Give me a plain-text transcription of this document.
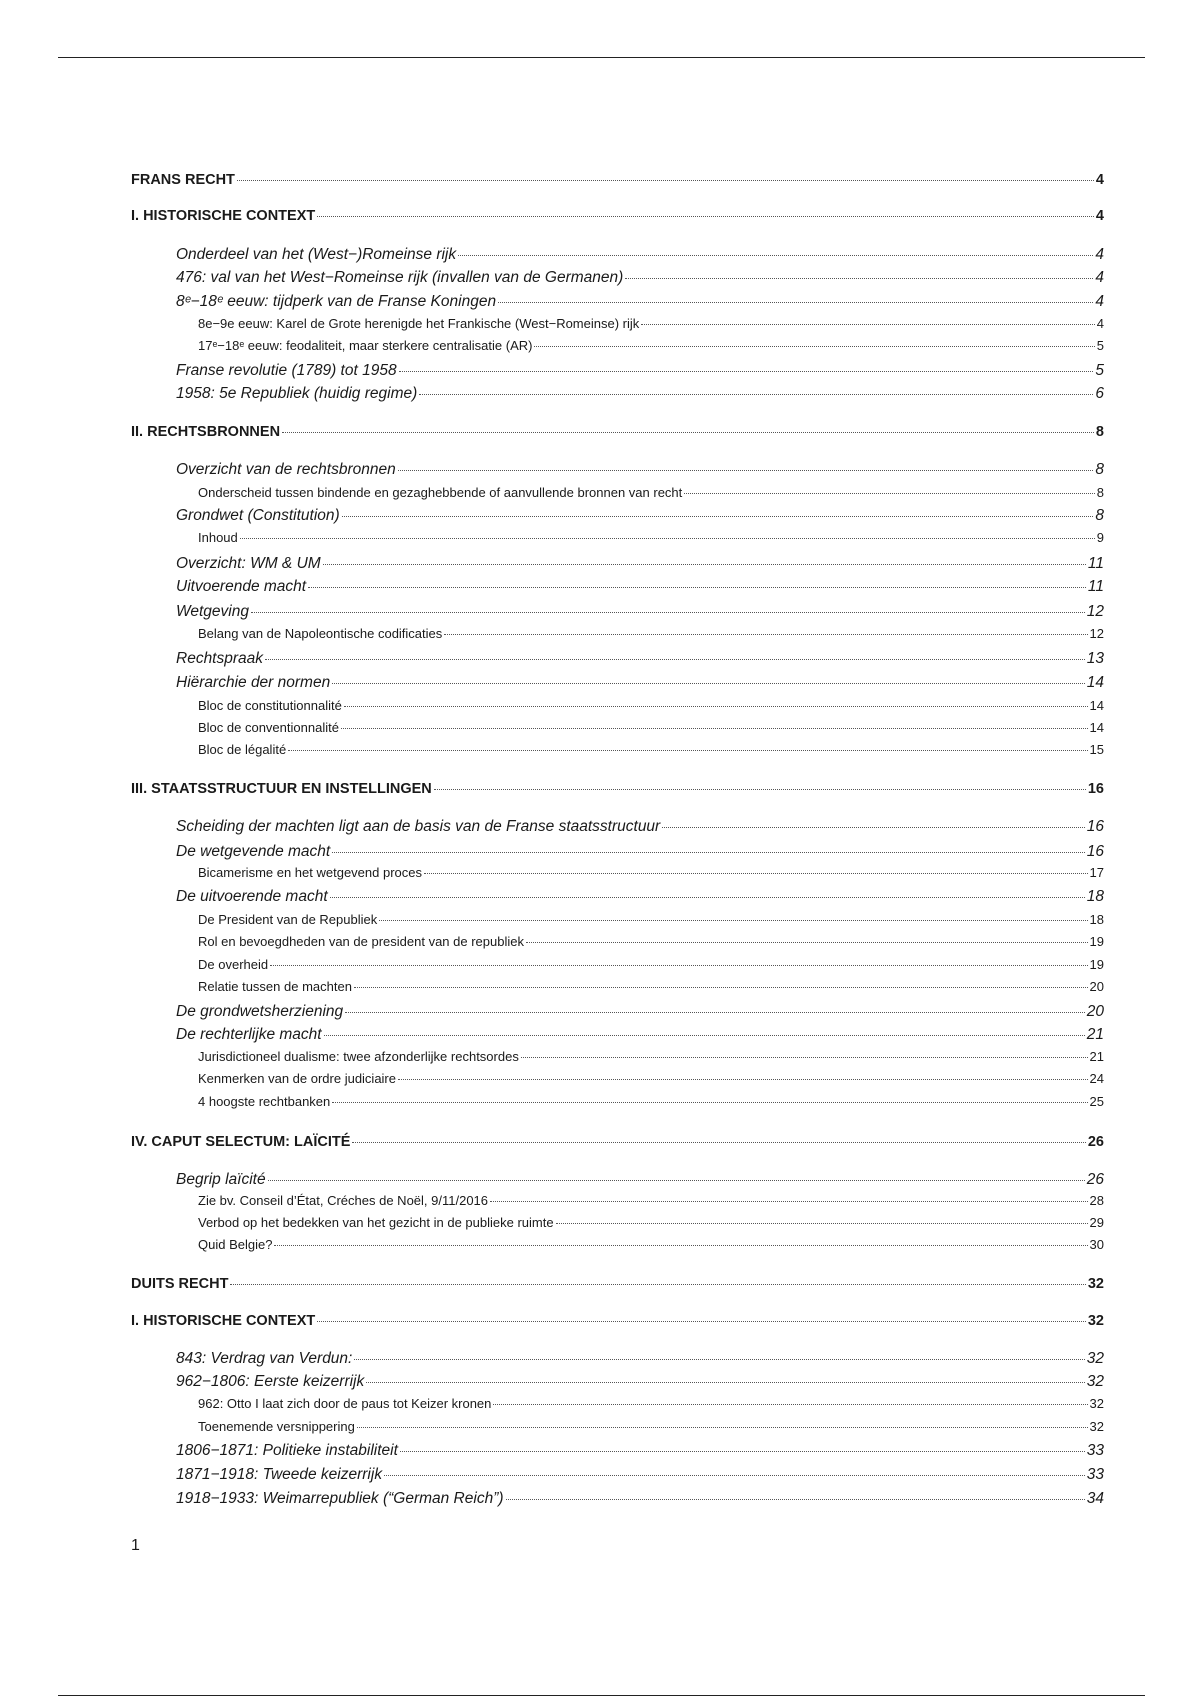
FRANS RECHT	4
I. HISTORISCHE CONTEXT	4
Onderdeel van het (West−)Romeinse rijk	4
476: val van het West−Romeinse rijk (invallen van de Germanen)	4
8ᵉ−18ᵉ eeuw: tijdperk van de Franse Koningen	4
8e−9e eeuw: Karel de Grote herenigde het Frankische (West−Romeinse) rijk	4
17ᵉ−18ᵉ eeuw: feodaliteit, maar sterkere centralisatie (AR)	5
Franse revolutie (1789) tot 1958	5
1958: 5e Republiek (huidig regime)	6
II. RECHTSBRONNEN	8
Overzicht van de rechtsbronnen	8
Onderscheid tussen bindende en gezaghebbende of aanvullende bronnen van recht	8
Grondwet (Constitution)	8
Inhoud	9
Overzicht: WM & UM	11
Uitvoerende macht	11
Wetgeving	12
Belang van de Napoleontische codificaties	12
Rechtspraak	13
Hiërarchie der normen	14
Bloc de constitutionnalité	14
Bloc de conventionnalité	14
Bloc de légalité	15
III. STAATSSTRUCTUUR EN INSTELLINGEN	16
Scheiding der machten ligt aan de basis van de Franse staatsstructuur	16
De wetgevende macht	16
Bicamerisme en het wetgevend proces	17
De uitvoerende macht	18
De President van de Republiek	18
Rol en bevoegdheden van de president van de republiek	19
De overheid	19
Relatie tussen de machten	20
De grondwetsherziening	20
De rechterlijke macht	21
Jurisdictioneel dualisme: twee afzonderlijke rechtsordes	21
Kenmerken van de ordre judiciaire	24
4 hoogste rechtbanken	25
IV. CAPUT SELECTUM: LAÏCITÉ	26
Begrip laïcité	26
Zie bv. Conseil d’État, Créches de Noël, 9/11/2016	28
Verbod op het bedekken van het gezicht in de publieke ruimte	29
Quid Belgie?	30
DUITS RECHT	32
I. HISTORISCHE CONTEXT	32
843: Verdrag van Verdun:	32
962−1806: Eerste keizerrijk	32
962: Otto I laat zich door de paus tot Keizer kronen	32
Toenemende versnippering	32
1806−1871: Politieke instabiliteit	33
1871−1918: Tweede keizerrijk	33
1918−1933: Weimarrepubliek (“German Reich”)	34
1
